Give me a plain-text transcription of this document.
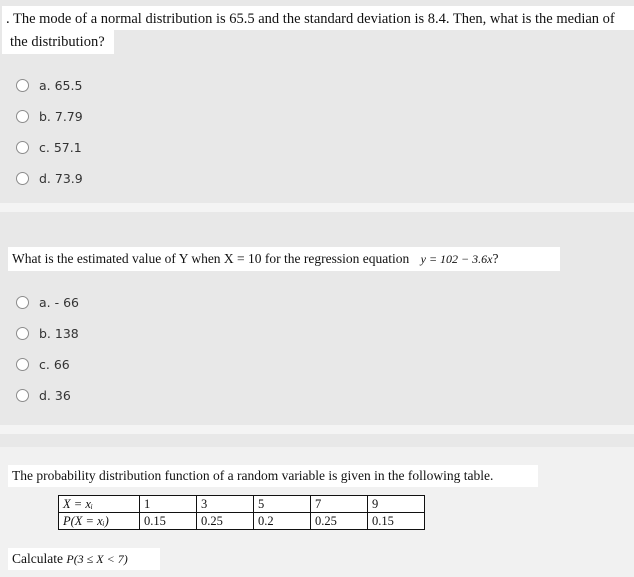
. The mode of a normal distribution is 65.5 and the standard deviation is 8.4. Then, what is the median of
the distribution?
a. 65.5
b. 7.79
c. 57.1
d. 73.9
What is the estimated value of Y when X = 10 for the regression equation y = 102 − 3.6x?
a. - 66
b. 138
c. 66
d. 36
The probability distribution function of a random variable is given in the following table.
X = xᵢ	1	3	5	7	9
P(X = xᵢ)	0.15	0.25	0.2	0.25	0.15
Calculate P(3 ≤ X < 7)
